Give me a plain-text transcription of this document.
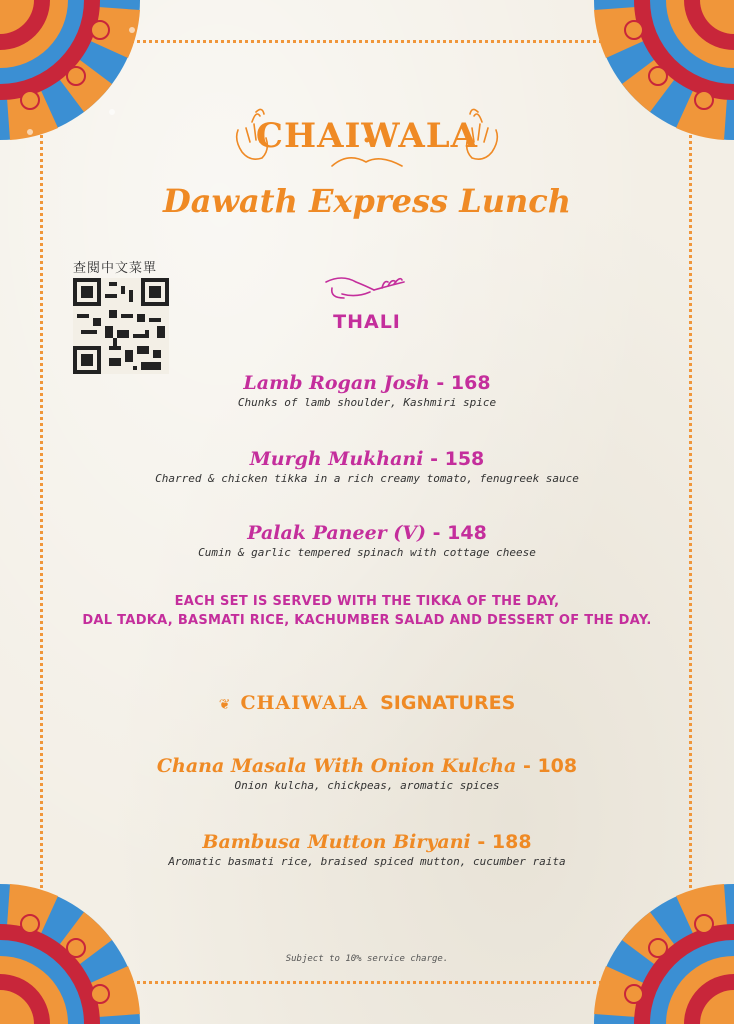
CHAIWALA
Dawath Express Lunch
查閱中文菜單
THALI
Lamb Rogan Josh - 168
Chunks of lamb shoulder, Kashmiri spice
Murgh Mukhani - 158
Charred & chicken tikka in a rich creamy tomato, fenugreek sauce
Palak Paneer (V) - 148
Cumin & garlic tempered spinach with cottage cheese
EACH SET IS SERVED WITH THE TIKKA OF THE DAY,
DAL TADKA, BASMATI RICE, KACHUMBER SALAD AND DESSERT OF THE DAY.
❦ CHAIWALA SIGNATURES
Chana Masala With Onion Kulcha - 108
Onion kulcha, chickpeas, aromatic spices
Bambusa Mutton Biryani - 188
Aromatic basmati rice, braised spiced mutton, cucumber raita
Subject to 10% service charge.
